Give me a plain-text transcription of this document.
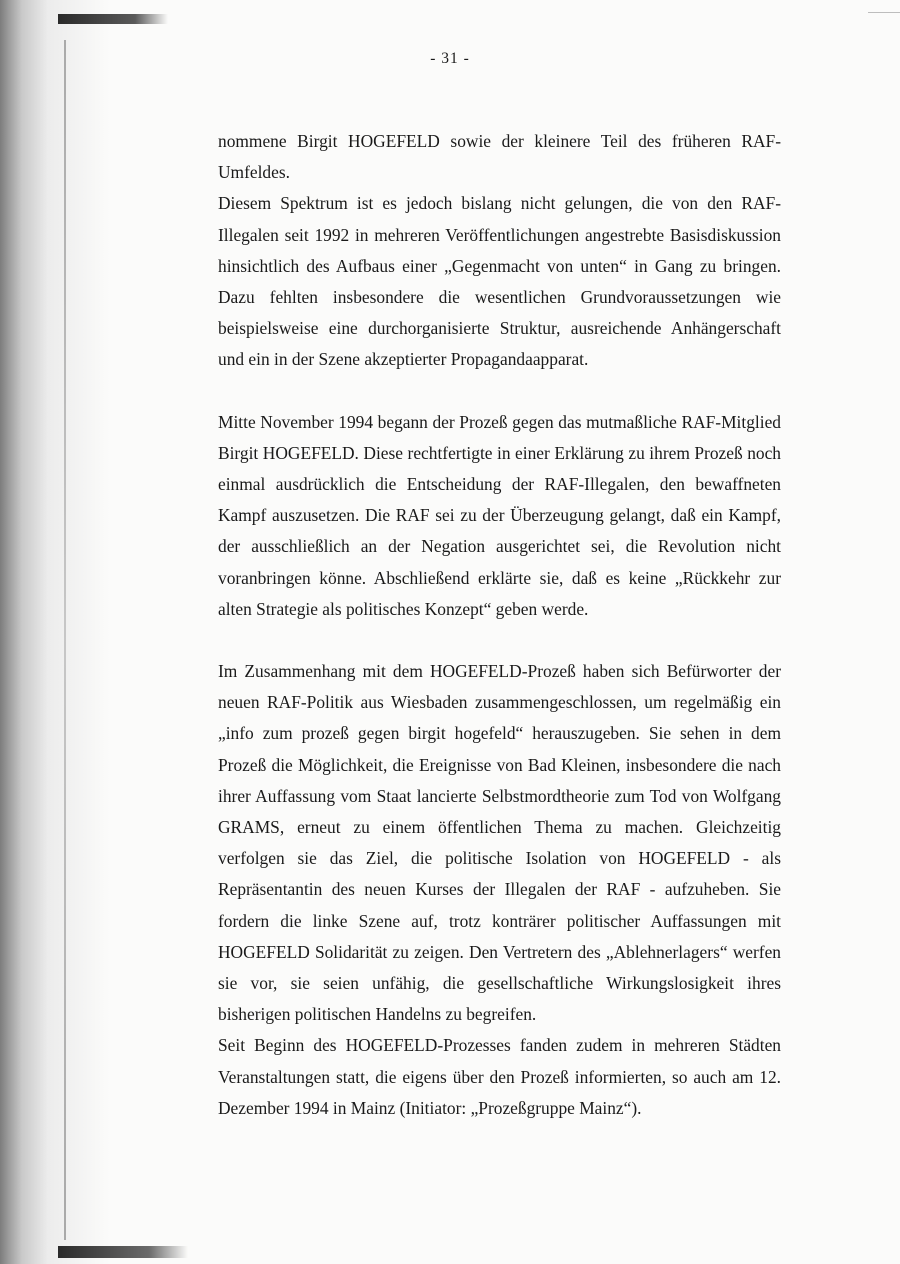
- 31 -

nommene Birgit HOGEFELD sowie der kleinere Teil des früheren RAF-Umfeldes.

Diesem Spektrum ist es jedoch bislang nicht gelungen, die von den RAF-Illegalen seit 1992 in mehreren Veröffentlichungen angestrebte Basisdiskussion hinsichtlich des Aufbaus einer „Gegenmacht von unten“ in Gang zu bringen. Dazu fehlten insbesondere die wesentlichen Grundvoraussetzungen wie beispielsweise eine durchorganisierte Struktur, ausreichende Anhängerschaft und ein in der Szene akzeptierter Propagandaapparat.

Mitte November 1994 begann der Prozeß gegen das mutmaßliche RAF-Mitglied Birgit HOGEFELD. Diese rechtfertigte in einer Erklärung zu ihrem Prozeß noch einmal ausdrücklich die Entscheidung der RAF-Illegalen, den bewaffneten Kampf auszusetzen. Die RAF sei zu der Überzeugung gelangt, daß ein Kampf, der ausschließlich an der Negation ausgerichtet sei, die Revolution nicht voranbringen könne. Abschließend erklärte sie, daß es keine „Rückkehr zur alten Strategie als politisches Konzept“ geben werde.

Im Zusammenhang mit dem HOGEFELD-Prozeß haben sich Befürworter der neuen RAF-Politik aus Wiesbaden zusammengeschlossen, um regelmäßig ein „info zum prozeß gegen birgit hogefeld“ herauszugeben. Sie sehen in dem Prozeß die Möglichkeit, die Ereignisse von Bad Kleinen, insbesondere die nach ihrer Auffassung vom Staat lancierte Selbstmordtheorie zum Tod von Wolfgang GRAMS, erneut zu einem öffentlichen Thema zu machen. Gleichzeitig verfolgen sie das Ziel, die politische Isolation von HOGEFELD - als Repräsentantin des neuen Kurses der Illegalen der RAF - aufzuheben. Sie fordern die linke Szene auf, trotz konträrer politischer Auffassungen mit HOGEFELD Solidarität zu zeigen. Den Vertretern des „Ablehnerlagers“ werfen sie vor, sie seien unfähig, die gesellschaftliche Wirkungslosigkeit ihres bisherigen politischen Handelns zu begreifen.

Seit Beginn des HOGEFELD-Prozesses fanden zudem in mehreren Städten Veranstaltungen statt, die eigens über den Prozeß informierten, so auch am 12. Dezember 1994 in Mainz (Initiator: „Prozeßgruppe Mainz“).
